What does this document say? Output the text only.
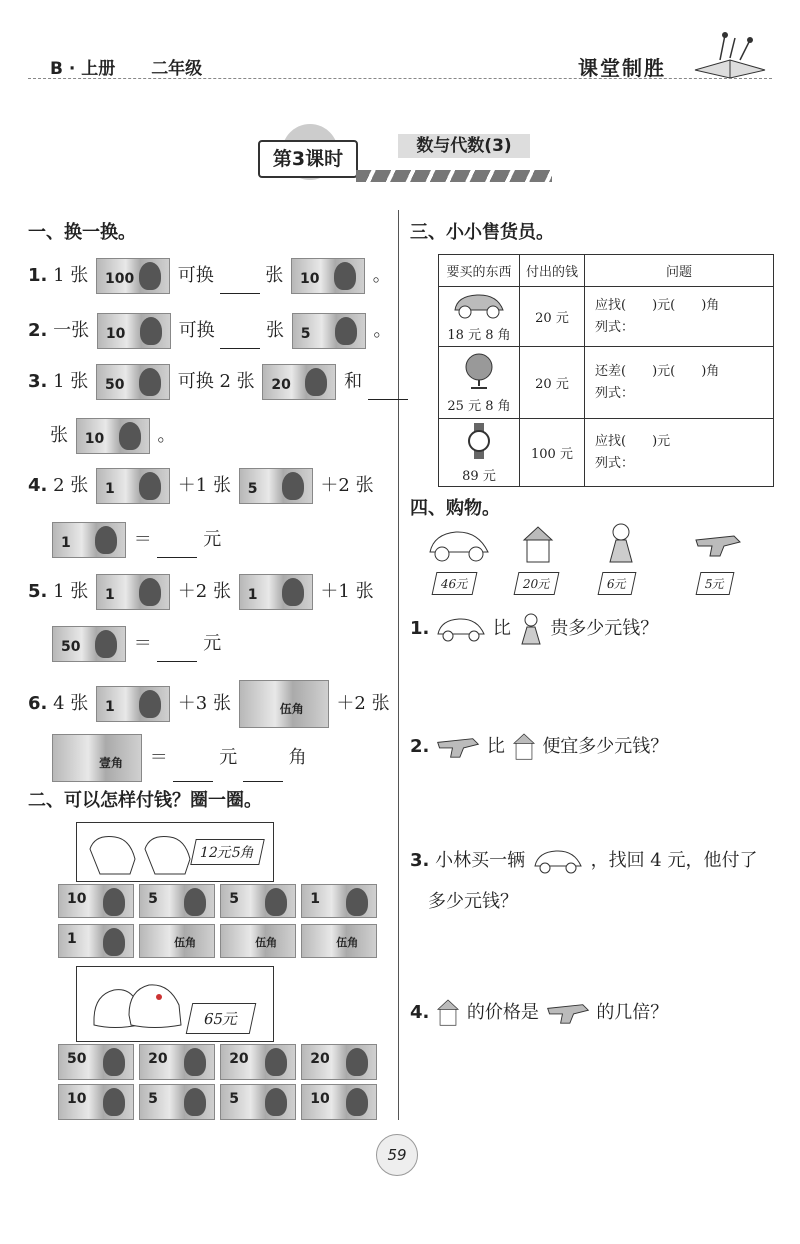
B · 上册 二年级	课堂制胜
第3课时
数与代数(3)
一、换一换。
1. 1 张 100 可换	张 10	。
2. 一张 10	可换	张 5	。
3. 1 张 50	可换 2 张 20	和
张 10	。
4. 2 张 1	＋1 张 5	＋2 张
1	＝	元
5. 1 张 1	＋2 张 1	＋1 张
50	＝	元
6. 4 张 1	＋3 张	伍角 ＋2 张
壹角 ＝	元	角
二、可以怎样付钱？圈一圈。
12元5角
10
	5
	5
	1
1
	伍角
	伍角
	伍角
65元
50
	20
	20
	20
10
	5
	5
	10
三、小小售货员。
要买的东西	付出的钱	问题

18 元 8 角	20 元	应找(　　)元(　　)角
列式：

25 元 8 角	20 元	还差(　　)元(　　)角
列式：

89 元	100 元	应找(　　)元
列式：
四、购物。
46元	20元	6元	5元
1.	比 贵多少元钱？
2.	比 便宜多少元钱？
3. 小林买一辆	，找回 4 元，他付了
多少元钱？
4. 的价格是	的几倍？
59
